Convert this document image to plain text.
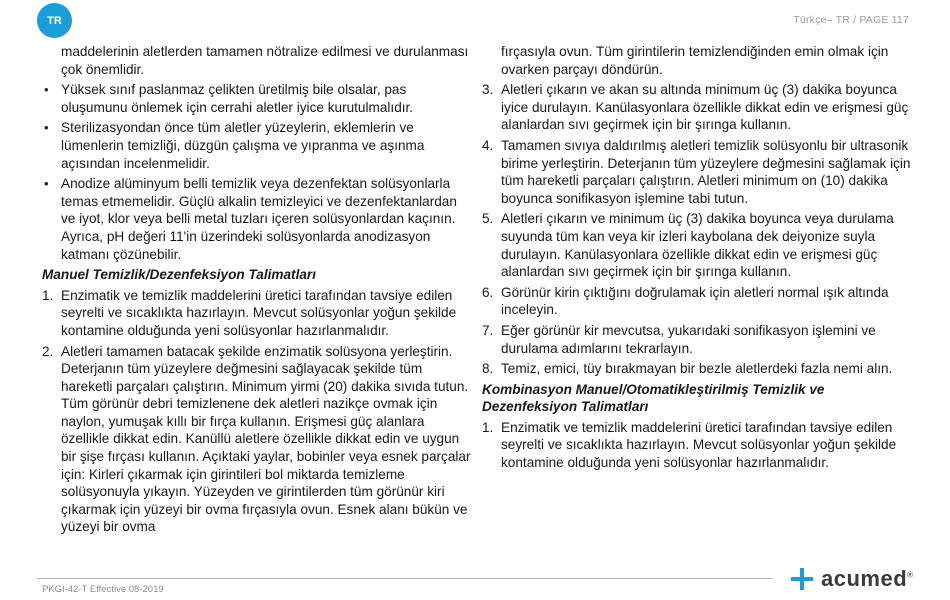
TR	Türkçe– TR / PAGE 117
maddelerinin aletlerden tamamen nötralize edilmesi ve durulanması çok önemlidir.
• Yüksek sınıf paslanmaz çelikten üretilmiş bile olsalar, pas oluşumunu önlemek için cerrahi aletler iyice kurutulmalıdır.
• Sterilizasyondan önce tüm aletler yüzeylerin, eklemlerin ve lümenlerin temizliği, düzgün çalışma ve yıpranma ve aşınma açısından incelenmelidir.
• Anodize alüminyum belli temizlik veya dezenfektan solüsyonlarla temas etmemelidir. Güçlü alkalin temizleyici ve dezenfektanlardan ve iyot, klor veya belli metal tuzları içeren solüsyonlardan kaçının. Ayrıca, pH değeri 11'in üzerindeki solüsyonlarda anodizasyon katmanı çözünebilir.
Manuel Temizlik/Dezenfeksiyon Talimatları
1. Enzimatik ve temizlik maddelerini üretici tarafından tavsiye edilen seyrelti ve sıcaklıkta hazırlayın. Mevcut solüsyonlar yoğun şekilde kontamine olduğunda yeni solüsyonlar hazırlanmalıdır.
2. Aletleri tamamen batacak şekilde enzimatik solüsyona yerleştirin. Deterjanın tüm yüzeylere değmesini sağlayacak şekilde tüm hareketli parçaları çalıştırın. Minimum yirmi (20) dakika sıvıda tutun. Tüm görünür debri temizlenene dek aletleri nazikçe ovmak için naylon, yumuşak kıllı bir fırça kullanın. Erişmesi güç alanlara özellikle dikkat edin. Kanüllü aletlere özellikle dikkat edin ve uygun bir şişe fırçası kullanın. Açıktaki yaylar, bobinler veya esnek parçalar için: Kirleri çıkarmak için girintileri bol miktarda temizleme solüsyonuyla yıkayın. Yüzeyden ve girintilerden tüm görünür kiri çıkarmak için yüzeyi bir ovma fırçasıyla ovun. Esnek alanı bükün ve yüzeyi bir ovma
fırçasıyla ovun. Tüm girintilerin temizlendiğinden emin olmak için ovarken parçayı döndürün.
3. Aletleri çıkarın ve akan su altında minimum üç (3) dakika boyunca iyice durulayın. Kanülasyonlara özellikle dikkat edin ve erişmesi güç alanlardan sıvı geçirmek için bir şırınga kullanın.
4. Tamamen sıvıya daldırılmış aletleri temizlik solüsyonlu bir ultrasonik birime yerleştirin. Deterjanın tüm yüzeylere değmesini sağlamak için tüm hareketli parçaları çalıştırın. Aletleri minimum on (10) dakika boyunca sonifikasyon işlemine tabi tutun.
5. Aletleri çıkarın ve minimum üç (3) dakika boyunca veya durulama suyunda tüm kan veya kir izleri kaybolana dek deiyonize suyla durulayın. Kanülasyonlara özellikle dikkat edin ve erişmesi güç alanlardan sıvı geçirmek için bir şırınga kullanın.
6. Görünür kirin çıktığını doğrulamak için aletleri normal ışık altında inceleyin.
7. Eğer görünür kir mevcutsa, yukarıdaki sonifikasyon işlemini ve durulama adımlarını tekrarlayın.
8. Temiz, emici, tüy bırakmayan bir bezle aletlerdeki fazla nemi alın.
Kombinasyon Manuel/Otomatikleştirilmiş Temizlik ve Dezenfeksiyon Talimatları
1. Enzimatik ve temizlik maddelerini üretici tarafından tavsiye edilen seyrelti ve sıcaklıkta hazırlayın. Mevcut solüsyonlar yoğun şekilde kontamine olduğunda yeni solüsyonlar hazırlanmalıdır.
PKGI-42-T Effective 08-2019	acumed®
